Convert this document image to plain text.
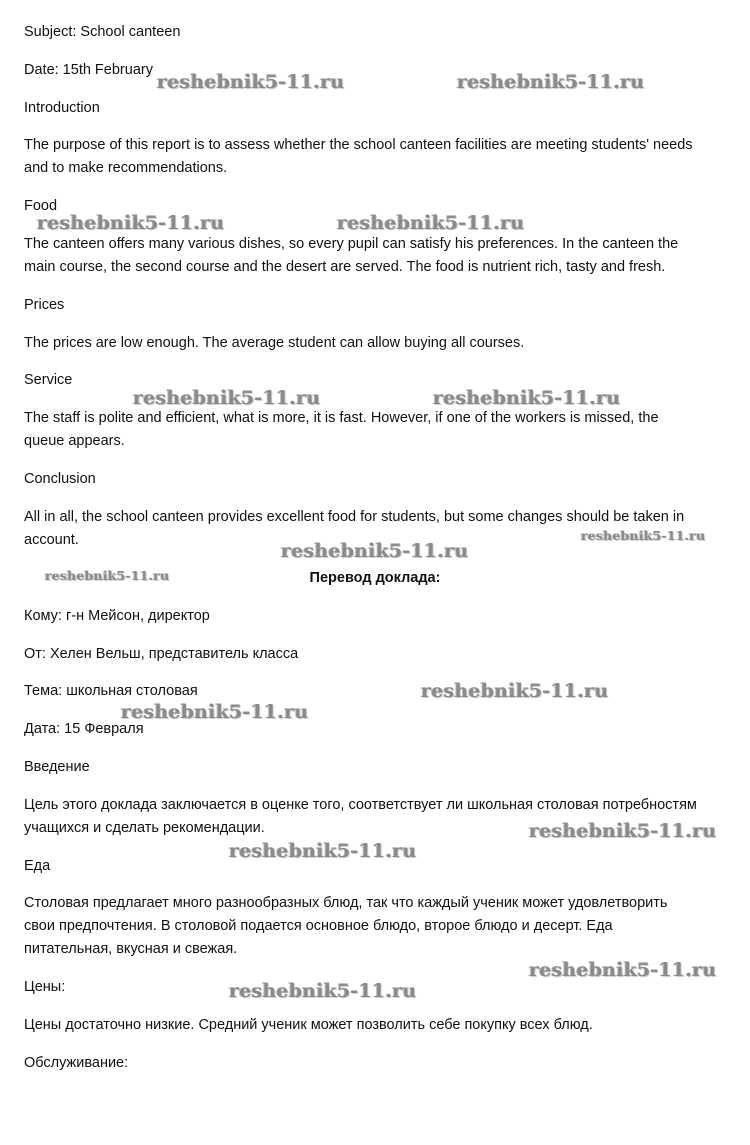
Subject: School canteen
Date: 15th February
Introduction
The purpose of this report is to assess whether the school canteen facilities are meeting students' needs
and to make recommendations.
Food
The canteen offers many various dishes, so every pupil can satisfy his preferences. In the canteen the
main course, the second course and the desert are served. The food is nutrient rich, tasty and fresh.
Prices
The prices are low enough. The average student can allow buying all courses.
Service
The staff is polite and efficient, what is more, it is fast. However, if one of the workers is missed, the
queue appears.
Conclusion
All in all, the school canteen provides excellent food for students, but some changes should be taken in
account.
Перевод доклада:
Кому: г-н Мейсон, директор
От: Хелен Вельш, представитель класса
Тема: школьная столовая
Дата: 15 Февраля
Введение
Цель этого доклада заключается в оценке того, соответствует ли школьная столовая потребностям
учащихся и сделать рекомендации.
Еда
Столовая предлагает много разнообразных блюд, так что каждый ученик может удовлетворить
свои предпочтения. В столовой подается основное блюдо, второе блюдо и десерт. Еда
питательная, вкусная и свежая.
Цены:
Цены достаточно низкие. Средний ученик может позволить себе покупку всех блюд.
Обслуживание:
reshebnik5-11.ru	reshebnik5-11.ru
reshebnik5-11.ru	reshebnik5-11.ru
reshebnik5-11.ru	reshebnik5-11.ru
reshebnik5-11.ru
reshebnik5-11.ru
reshebnik5-11.ru
reshebnik5-11.ru
reshebnik5-11.ru
reshebnik5-11.ru
reshebnik5-11.ru
reshebnik5-11.ru
reshebnik5-11.ru
